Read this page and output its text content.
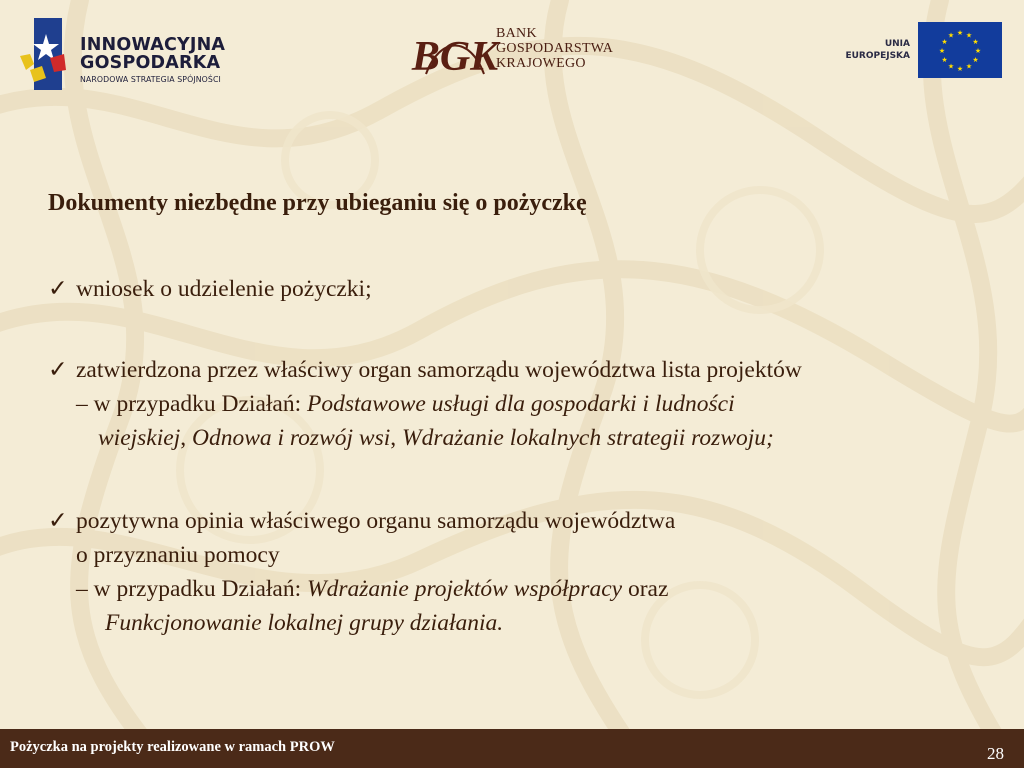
INNOWACYJNA
GOSPODARKA
NARODOWA STRATEGIA SPÓJNOŚCI	BGK
BANK
GOSPODARSTWA
KRAJOWEGO
UNIA
EUROPEJSKA
★ ★
★
★
★
★
★
★
★
★
★
★
Dokumenty niezbędne przy ubieganiu się o pożyczkę
✓ wniosek o udzielenie pożyczki;
✓ zatwierdzona przez właściwy organ samorządu województwa lista projektów
– w przypadku Działań: Podstawowe usługi dla gospodarki i ludności
wiejskiej, Odnowa i rozwój wsi, Wdrażanie lokalnych strategii rozwoju;
✓ pozytywna opinia właściwego organu samorządu województwa
o przyznaniu pomocy
– w przypadku Działań: Wdrażanie projektów współpracy oraz
Funkcjonowanie lokalnej grupy działania.
Pożyczka na projekty realizowane w ramach PROW	28
